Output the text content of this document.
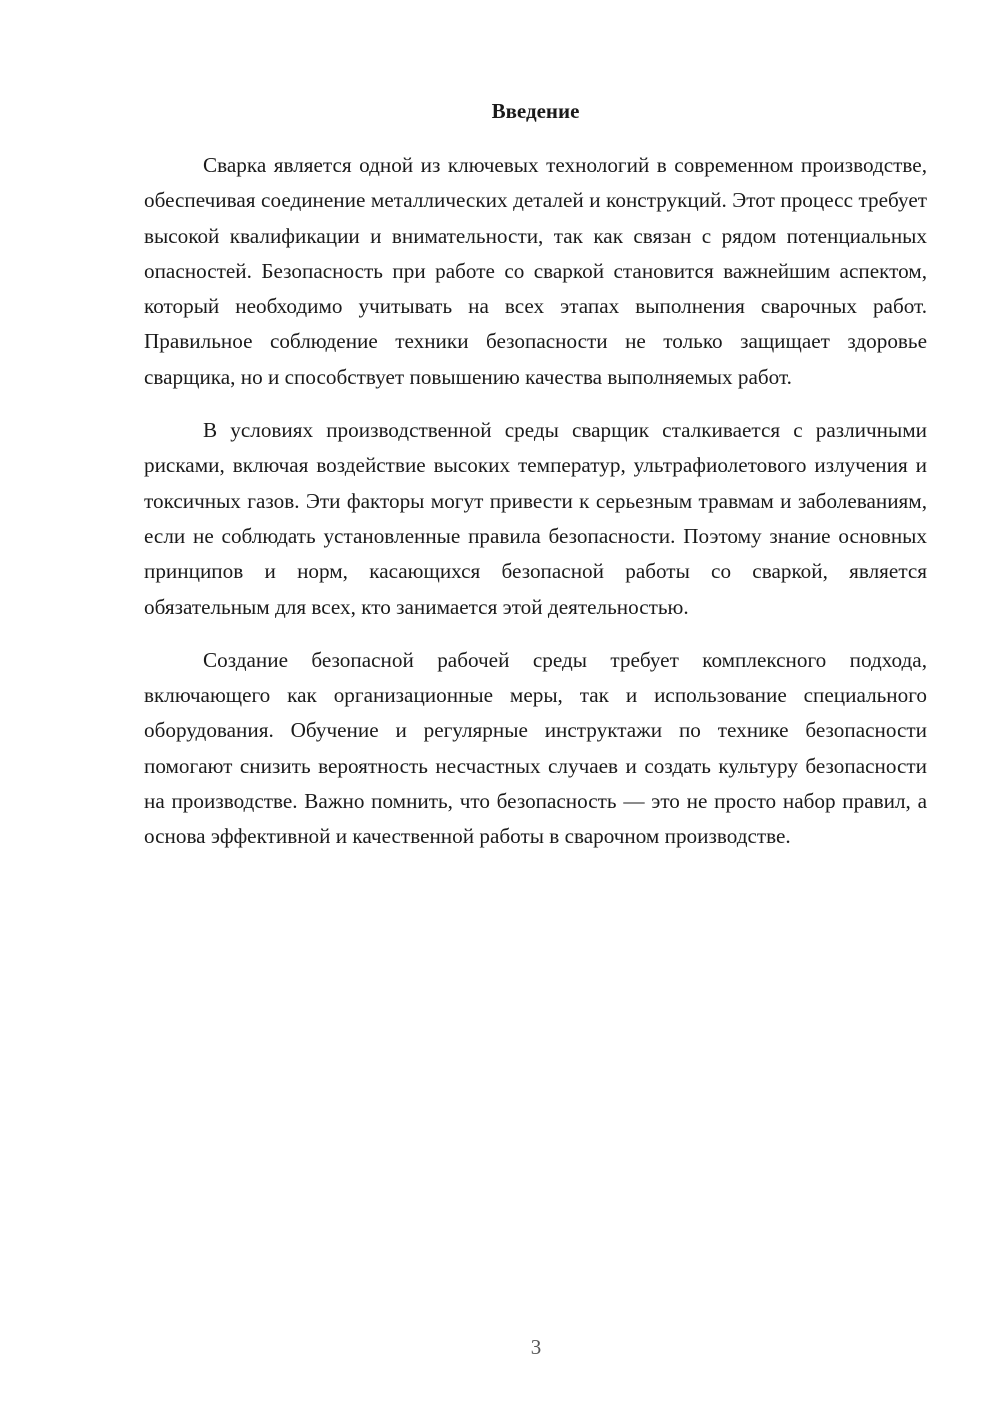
Введение

Сварка является одной из ключевых технологий в современном производстве, обеспечивая соединение металлических деталей и конструкций. Этот процесс требует высокой квалификации и внимательности, так как связан с рядом потенциальных опасностей. Безопасность при работе со сваркой становится важнейшим аспектом, который необходимо учитывать на всех этапах выполнения сварочных работ. Правильное соблюдение техники безопасности не только защищает здоровье сварщика, но и способствует повышению качества выполняемых работ.

В условиях производственной среды сварщик сталкивается с различными рисками, включая воздействие высоких температур, ультрафиолетового излучения и токсичных газов. Эти факторы могут привести к серьезным травмам и заболеваниям, если не соблюдать установленные правила безопасности. Поэтому знание основных принципов и норм, касающихся безопасной работы со сваркой, является обязательным для всех, кто занимается этой деятельностью.

Создание безопасной рабочей среды требует комплексного подхода, включающего как организационные меры, так и использование специального оборудования. Обучение и регулярные инструктажи по технике безопасности помогают снизить вероятность несчастных случаев и создать культуру безопасности на производстве. Важно помнить, что безопасность — это не просто набор правил, а основа эффективной и качественной работы в сварочном производстве.

3
